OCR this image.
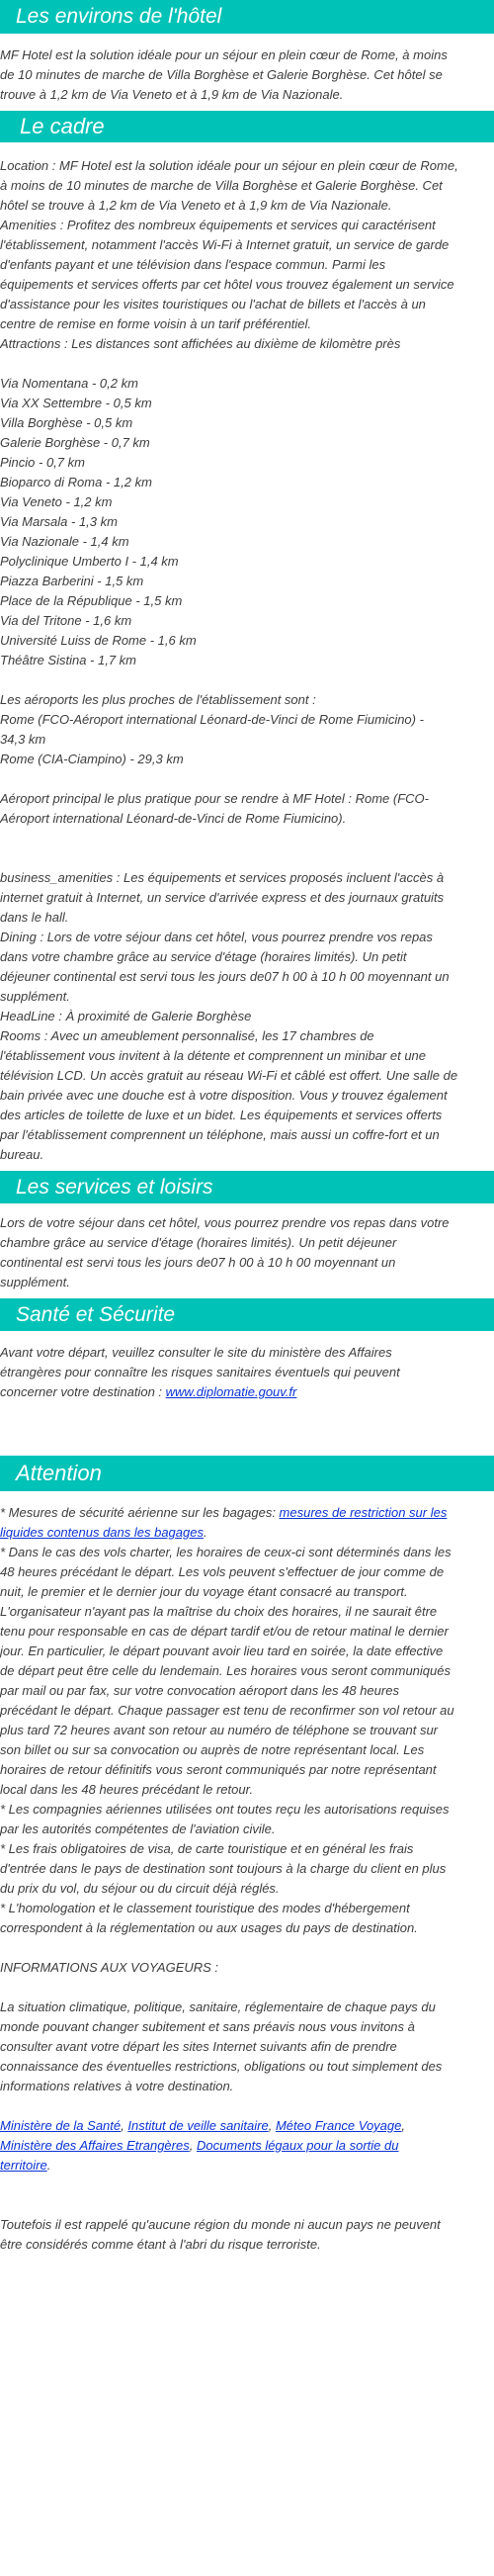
Les environs de l'hôtel
MF Hotel est la solution idéale pour un séjour en plein cœur de Rome, à moins
de 10 minutes de marche de Villa Borghèse et Galerie Borghèse. Cet hôtel se
trouve à 1,2 km de Via Veneto et à 1,9 km de Via Nazionale.
Le cadre
Location : MF Hotel est la solution idéale pour un séjour en plein cœur de Rome,
à moins de 10 minutes de marche de Villa Borghèse et Galerie Borghèse. Cet
hôtel se trouve à 1,2 km de Via Veneto et à 1,9 km de Via Nazionale.
Amenities : Profitez des nombreux équipements et services qui caractérisent
l'établissement, notamment l'accès Wi-Fi à Internet gratuit, un service de garde
d'enfants payant et une télévision dans l'espace commun. Parmi les
équipements et services offerts par cet hôtel vous trouvez également un service
d'assistance pour les visites touristiques ou l'achat de billets et l'accès à un
centre de remise en forme voisin à un tarif préférentiel.
Attractions : Les distances sont affichées au dixième de kilomètre près
Via Nomentana - 0,2 km
Via XX Settembre - 0,5 km
Villa Borghèse - 0,5 km
Galerie Borghèse - 0,7 km
Pincio - 0,7 km
Bioparco di Roma - 1,2 km
Via Veneto - 1,2 km
Via Marsala - 1,3 km
Via Nazionale - 1,4 km
Polyclinique Umberto I - 1,4 km
Piazza Barberini - 1,5 km
Place de la République - 1,5 km
Via del Tritone - 1,6 km
Université Luiss de Rome - 1,6 km
Théâtre Sistina - 1,7 km
Les aéroports les plus proches de l'établissement sont :
Rome (FCO-Aéroport international Léonard-de-Vinci de Rome Fiumicino) -
34,3 km
Rome (CIA-Ciampino) - 29,3 km
Aéroport principal le plus pratique pour se rendre à MF Hotel : Rome (FCO-
Aéroport international Léonard-de-Vinci de Rome Fiumicino).
business_amenities : Les équipements et services proposés incluent l'accès à
internet gratuit à Internet, un service d'arrivée express et des journaux gratuits
dans le hall.
Dining : Lors de votre séjour dans cet hôtel, vous pourrez prendre vos repas
dans votre chambre grâce au service d'étage (horaires limités). Un petit
déjeuner continental est servi tous les jours de07 h 00 à 10 h 00 moyennant un
supplément.
HeadLine : À proximité de Galerie Borghèse
Rooms : Avec un ameublement personnalisé, les 17 chambres de
l'établissement vous invitent à la détente et comprennent un minibar et une
télévision LCD. Un accès gratuit au réseau Wi-Fi et câblé est offert. Une salle de
bain privée avec une douche est à votre disposition. Vous y trouvez également
des articles de toilette de luxe et un bidet. Les équipements et services offerts
par l'établissement comprennent un téléphone, mais aussi un coffre-fort et un
bureau.
Les services et loisirs
Lors de votre séjour dans cet hôtel, vous pourrez prendre vos repas dans votre
chambre grâce au service d'étage (horaires limités). Un petit déjeuner
continental est servi tous les jours de07 h 00 à 10 h 00 moyennant un
supplément.
Santé et Sécurite
Avant votre départ, veuillez consulter le site du ministère des Affaires
étrangères pour connaître les risques sanitaires éventuels qui peuvent
concerner votre destination : www.diplomatie.gouv.fr
Attention
* Mesures de sécurité aérienne sur les bagages: mesures de restriction sur les
liquides contenus dans les bagages.
* Dans le cas des vols charter, les horaires de ceux-ci sont déterminés dans les
48 heures précédant le départ. Les vols peuvent s'effectuer de jour comme de
nuit, le premier et le dernier jour du voyage étant consacré au transport.
L'organisateur n'ayant pas la maîtrise du choix des horaires, il ne saurait être
tenu pour responsable en cas de départ tardif et/ou de retour matinal le dernier
jour. En particulier, le départ pouvant avoir lieu tard en soirée, la date effective
de départ peut être celle du lendemain. Les horaires vous seront communiqués
par mail ou par fax, sur votre convocation aéroport dans les 48 heures
précédant le départ. Chaque passager est tenu de reconfirmer son vol retour au
plus tard 72 heures avant son retour au numéro de téléphone se trouvant sur
son billet ou sur sa convocation ou auprès de notre représentant local. Les
horaires de retour définitifs vous seront communiqués par notre représentant
local dans les 48 heures précédant le retour.
* Les compagnies aériennes utilisées ont toutes reçu les autorisations requises
par les autorités compétentes de l'aviation civile.
* Les frais obligatoires de visa, de carte touristique et en général les frais
d'entrée dans le pays de destination sont toujours à la charge du client en plus
du prix du vol, du séjour ou du circuit déjà réglés.
* L'homologation et le classement touristique des modes d'hébergement
correspondent à la réglementation ou aux usages du pays de destination.
INFORMATIONS AUX VOYAGEURS :
La situation climatique, politique, sanitaire, réglementaire de chaque pays du
monde pouvant changer subitement et sans préavis nous vous invitons à
consulter avant votre départ les sites Internet suivants afin de prendre
connaissance des éventuelles restrictions, obligations ou tout simplement des
informations relatives à votre destination.
Ministère de la Santé, Institut de veille sanitaire, Méteo France Voyage,
Ministère des Affaires Etrangères, Documents légaux pour la sortie du
territoire.
Toutefois il est rappelé qu'aucune région du monde ni aucun pays ne peuvent
être considérés comme étant à l'abri du risque terroriste.
